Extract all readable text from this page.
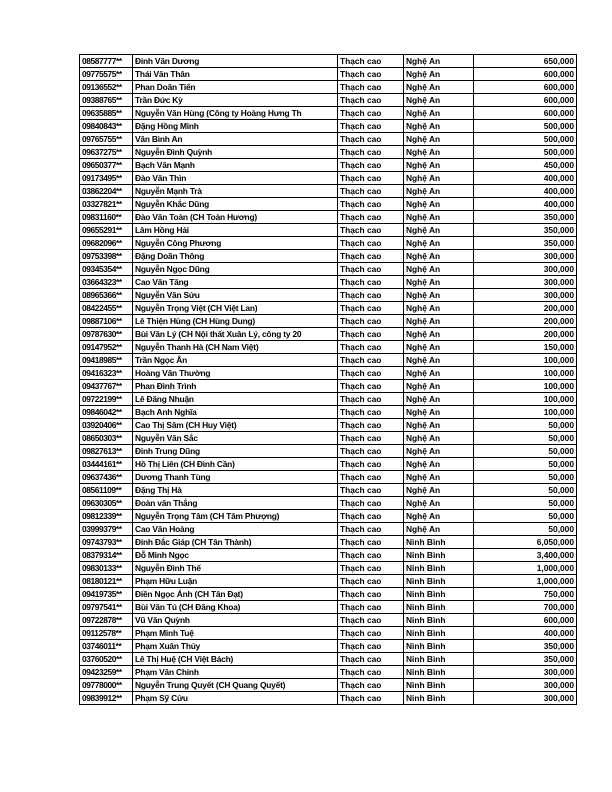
08587777**	Đinh Văn Dương	Thạch cao	Nghệ An	650,000
09775575**	Thái Văn Thân	Thạch cao	Nghệ An	600,000
09136552**	Phan Doãn Tiến	Thạch cao	Nghệ An	600,000
09388765**	Trần Đức Kỳ	Thạch cao	Nghệ An	600,000
09635885**	Nguyễn Văn Hùng (Công ty Hoàng Hưng Th	Thạch cao	Nghệ An	600,000
09840843**	Đặng Hồng Minh	Thạch cao	Nghệ An	500,000
09765755**	Văn Bình An	Thạch cao	Nghệ An	500,000
09637275**	Nguyễn Đình Quỳnh	Thạch cao	Nghệ An	500,000
09650377**	Bạch Văn Mạnh	Thạch cao	Nghệ An	450,000
09173495**	Đào Văn Thìn	Thạch cao	Nghệ An	400,000
03862204**	Nguyễn Mạnh Trà	Thạch cao	Nghệ An	400,000
03327821**	Nguyễn Khắc Dũng	Thạch cao	Nghệ An	400,000
09831160**	Đào Văn Toàn (CH Toàn Hương)	Thạch cao	Nghệ An	350,000
09655291**	Lâm Hồng Hải	Thạch cao	Nghệ An	350,000
09682096**	Nguyễn Công Phương	Thạch cao	Nghệ An	350,000
09753398**	Đặng Doãn Thông	Thạch cao	Nghệ An	300,000
09345354**	Nguyễn Ngọc Dũng	Thạch cao	Nghệ An	300,000
03664323**	Cao Văn Tăng	Thạch cao	Nghệ An	300,000
08965366**	Nguyễn Văn Sửu	Thạch cao	Nghệ An	300,000
08422455**	Nguyễn Trọng Việt (CH Việt Lan)	Thạch cao	Nghệ An	200,000
09887106**	Lê Thiện Hùng (CH Hùng Dung)	Thạch cao	Nghệ An	200,000
09787630**	Bùi Văn Lý (CH Nội thất Xuân Lý, công ty 20	Thạch cao	Nghệ An	200,000
09147952**	Nguyễn Thanh Hà (CH Nam Việt)	Thạch cao	Nghệ An	150,000
09418985**	Trần Ngọc Ân	Thạch cao	Nghệ An	100,000
09416323**	Hoàng Văn Thường	Thạch cao	Nghệ An	100,000
09437767**	Phan Đình Trình	Thạch cao	Nghệ An	100,000
09722199**	Lê Đăng Nhuận	Thạch cao	Nghệ An	100,000
09846042**	Bạch Anh Nghĩa	Thạch cao	Nghệ An	100,000
03920406**	Cao Thị Sâm (CH Huy Việt)	Thạch cao	Nghệ An	50,000
08650303**	Nguyễn Văn Sắc	Thạch cao	Nghệ An	50,000
09827613**	Đinh Trung Dũng	Thạch cao	Nghệ An	50,000
03444161**	Hồ Thị Liên (CH Đình Cần)	Thạch cao	Nghệ An	50,000
09637436**	Dương Thanh Tùng	Thạch cao	Nghệ An	50,000
08561109**	Đặng Thị Hà	Thạch cao	Nghệ An	50,000
09630305**	Đoàn văn Thắng	Thạch cao	Nghệ An	50,000
09812339**	Nguyễn Trọng Tâm (CH Tâm Phượng)	Thạch cao	Nghệ An	50,000
03999379**	Cao Văn Hoàng	Thạch cao	Nghệ An	50,000
09743793**	Đinh Đắc Giáp (CH Tân Thành)	Thạch cao	Ninh Bình	6,050,000
08379314**	Đỗ Minh Ngọc	Thạch cao	Ninh Bình	3,400,000
09830133**	Nguyễn Đình Thế	Thạch cao	Ninh Bình	1,000,000
08180121**	Phạm Hữu Luận	Thạch cao	Ninh Bình	1,000,000
09419735**	Điền Ngọc Ánh (CH Tân Đạt)	Thạch cao	Ninh Bình	750,000
09797541**	Bùi Văn Tú (CH Đăng Khoa)	Thạch cao	Ninh Bình	700,000
09722878**	Vũ Văn Quỳnh	Thạch cao	Ninh Bình	600,000
09112578**	Phạm Minh Tuệ	Thạch cao	Ninh Bình	400,000
03746011**	Phạm Xuân Thủy	Thạch cao	Ninh Bình	350,000
03760520**	Lê Thị Huệ (CH Việt Bách)	Thạch cao	Ninh Bình	350,000
09423259**	Phạm Văn Chinh	Thạch cao	Ninh Bình	300,000
09778000**	Nguyễn Trung Quyết (CH Quang Quyết)	Thạch cao	Ninh Bình	300,000
09839912**	Phạm Sỹ Cửu	Thạch cao	Ninh Bình	300,000
